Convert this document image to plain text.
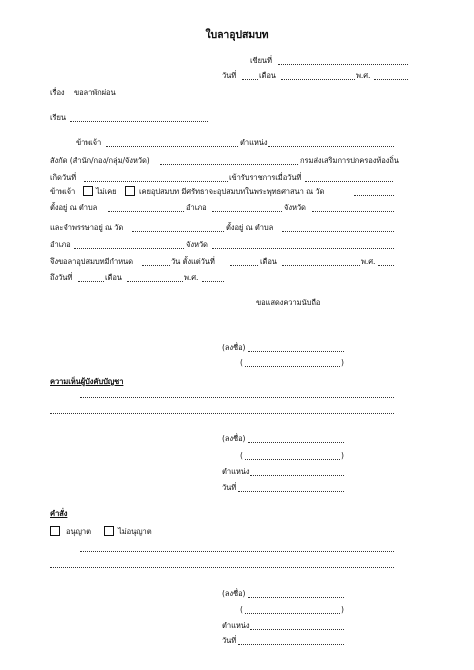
ใบลาอุปสมบท
เขียนที่
วันที่	เดือน	พ.ศ.
เรื่อง ขอลาพักผ่อน
เรียน
ข้าพเจ้า	ตำแหน่ง
สังกัด (สำนัก/กอง/กลุ่ม/จังหวัด)	กรมส่งเสริมการปกครองท้องถิ่น
เกิดวันที่	เข้ารับราชการเมื่อวันที่
ข้าพเจ้า	ไม่เคย	เคยอุปสมบท มีศรัทธาจะอุปสมบทในพระพุทธศาสนา ณ วัด
ตั้งอยู่ ณ ตำบล	อำเภอ	จังหวัด
และจำพรรษาอยู่ ณ วัด	ตั้งอยู่ ณ ตำบล
อำเภอ	จังหวัด
จึงขอลาอุปสมบทมีกำหนด	วัน ตั้งแต่วันที่	เดือน	พ.ศ.
ถึงวันที่	เดือน	พ.ศ.
ขอแสดงความนับถือ
(ลงชื่อ)
(	)
ความเห็นผู้บังคับบัญชา
(ลงชื่อ)
(	)
ตำแหน่ง
วันที่
คำสั่ง
อนุญาต	ไม่อนุญาต
(ลงชื่อ)
(	)
ตำแหน่ง
วันที่
